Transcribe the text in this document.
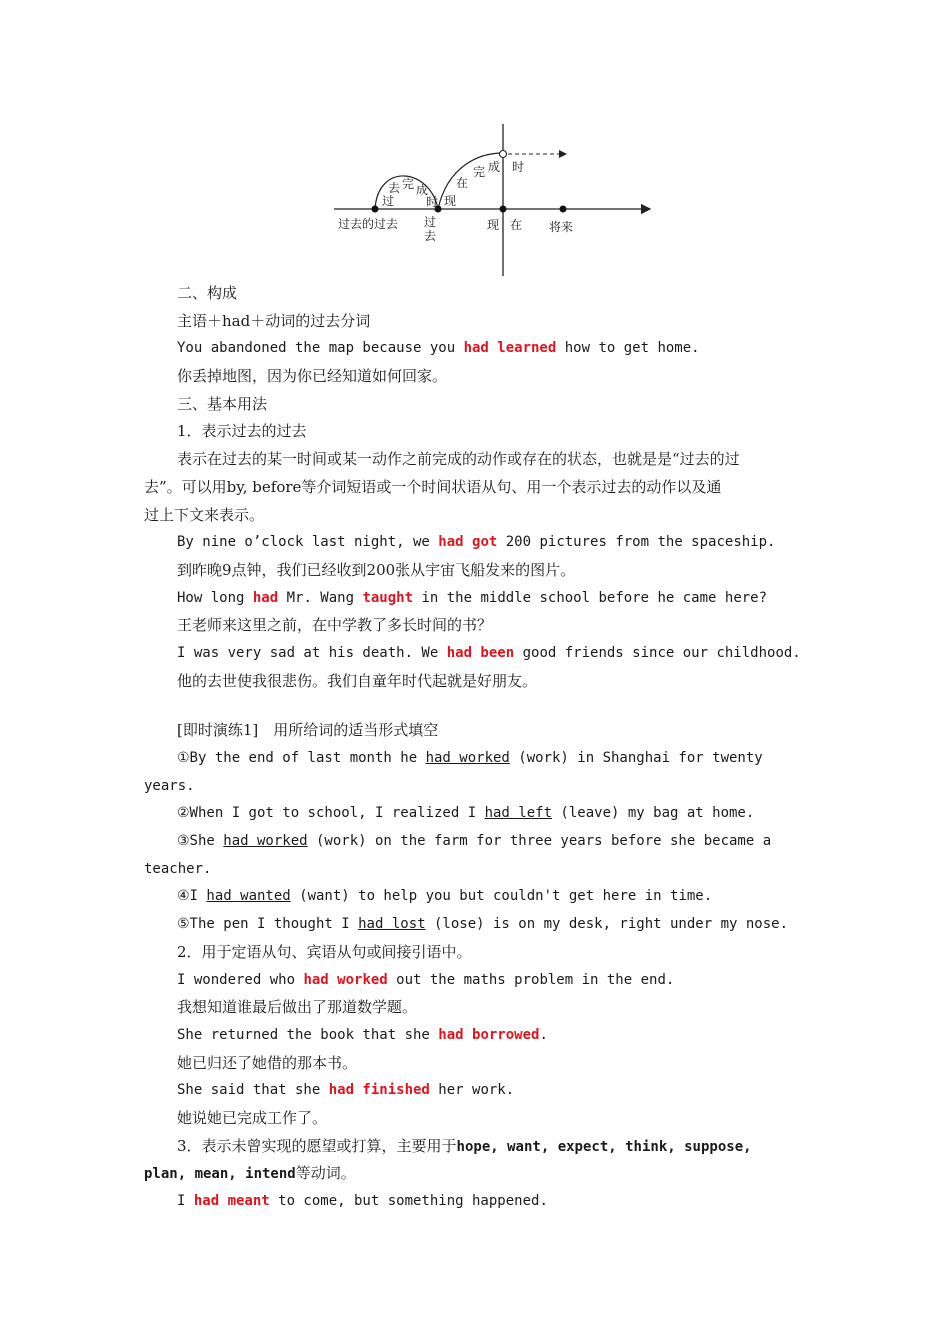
过去的过去
过
去 完 成
时
过
去
现
在
完 成 时
现 在 将来
二、构成
主语＋had＋动词的过去分词
You abandoned the map because you had learned how to get home.
你丢掉地图，因为你已经知道如何回家。
三、基本用法
1．表示过去的过去
表示在过去的某一时间或某一动作之前完成的动作或存在的状态，也就是是“过去的过
去”。可以用by, before等介词短语或一个时间状语从句、用一个表示过去的动作以及通
过上下文来表示。
By nine o’clock last night, we had got 200 pictures from the spaceship.
到昨晚9点钟，我们已经收到200张从宇宙飞船发来的图片。
How long had Mr. Wang taught in the middle school before he came here?
王老师来这里之前，在中学教了多长时间的书？
I was very sad at his death. We had been good friends since our childhood.
他的去世使我很悲伤。我们自童年时代起就是好朋友。
[即时演练1]　用所给词的适当形式填空
①By the end of last month he had worked (work) in Shanghai for twenty
years.
②When I got to school, I realized I had left (leave) my bag at home.
③She had worked (work) on the farm for three years before she became a
teacher.
④I had wanted (want) to help you but couldn't get here in time.
⑤The pen I thought I had lost (lose) is on my desk, right under my nose.
2．用于定语从句、宾语从句或间接引语中。
I wondered who had worked out the maths problem in the end.
我想知道谁最后做出了那道数学题。
She returned the book that she had borrowed.
她已归还了她借的那本书。
She said that she had finished her work.
她说她已完成工作了。
3．表示未曾实现的愿望或打算，主要用于hope, want, expect, think, suppose,
plan, mean, intend等动词。
I had meant to come, but something happened.
